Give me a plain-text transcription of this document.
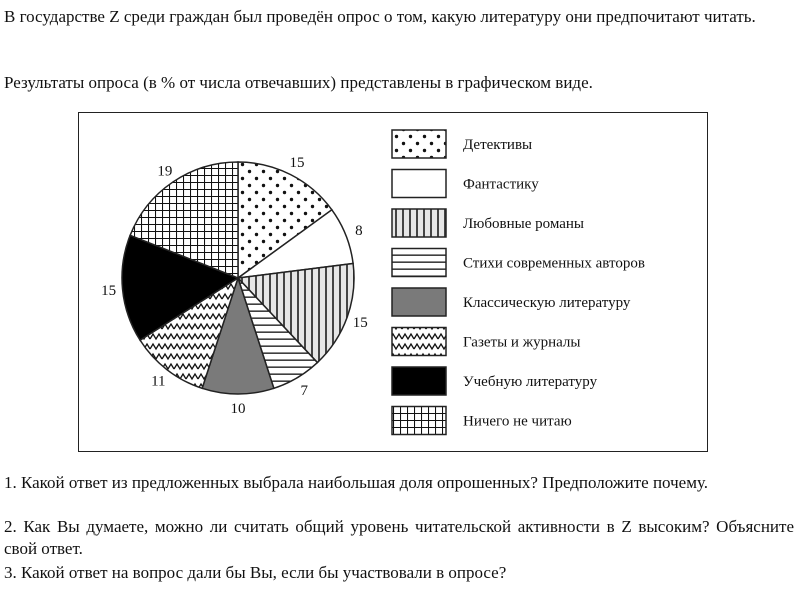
В государстве Z среди граждан был проведён опрос о том, какую литературу они предпочитают читать.

Результаты опроса (в % от числа отвечавших) представлены в графическом виде.

15
8
15
7
10
11
15
19
Детективы
Фантастику
Любовные романы
Стихи современных авторов
Классическую литературу
Газеты и журналы
Учебную литературу
Ничего не читаю

1. Какой ответ из предложенных выбрала наибольшая доля опрошенных? Предположите почему.

2. Как Вы думаете, можно ли считать общий уровень читательской активности в Z высоким? Объясните свой ответ.

3. Какой ответ на вопрос дали бы Вы, если бы участвовали в опросе?
